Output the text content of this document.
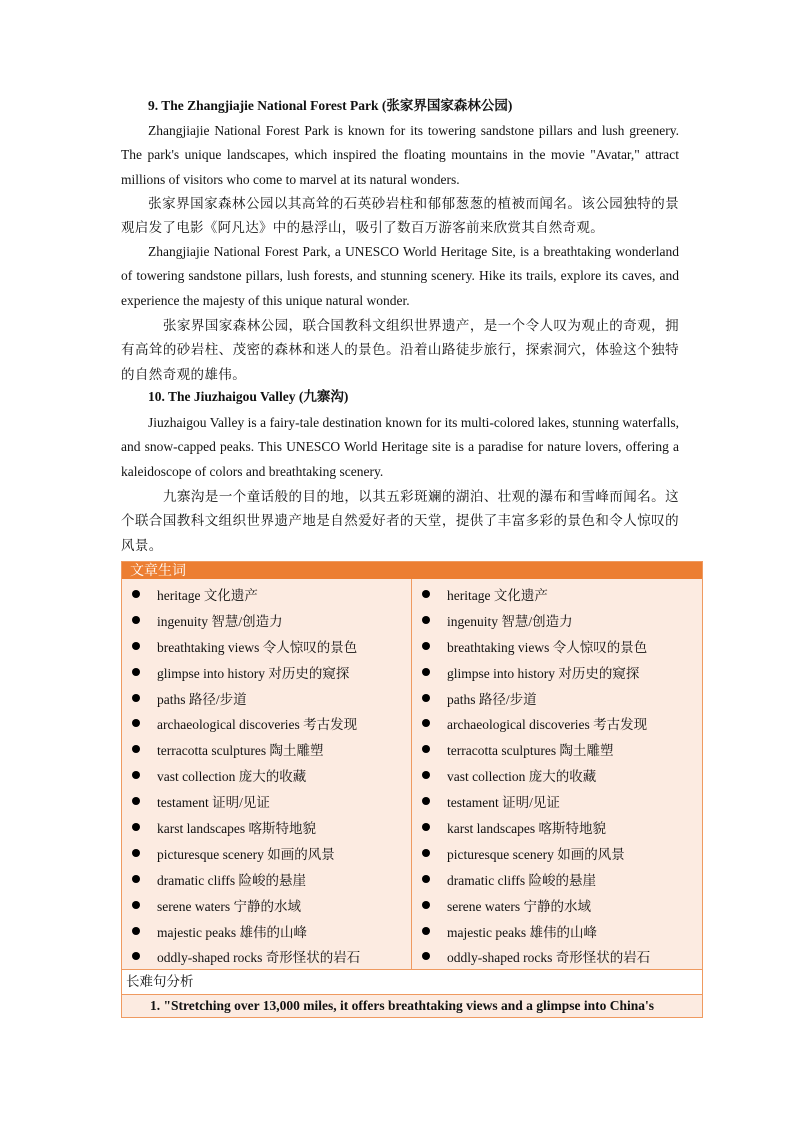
9. The Zhangjiajie National Forest Park (张家界国家森林公园)
Zhangjiajie National Forest Park is known for its towering sandstone pillars and lush greenery. The park's unique landscapes, which inspired the floating mountains in the movie "Avatar," attract millions of visitors who come to marvel at its natural wonders.
张家界国家森林公园以其高耸的石英砂岩柱和郁郁葱葱的植被而闻名。该公园独特的景观启发了电影《阿凡达》中的悬浮山，吸引了数百万游客前来欣赏其自然奇观。
Zhangjiajie National Forest Park, a UNESCO World Heritage Site, is a breathtaking wonderland of towering sandstone pillars, lush forests, and stunning scenery. Hike its trails, explore its caves, and experience the majesty of this unique natural wonder.
张家界国家森林公园，联合国教科文组织世界遗产，是一个令人叹为观止的奇观，拥有高耸的砂岩柱、茂密的森林和迷人的景色。沿着山路徒步旅行，探索洞穴，体验这个独特的自然奇观的雄伟。
10. The Jiuzhaigou Valley (九寨沟)
Jiuzhaigou Valley is a fairy-tale destination known for its multi-colored lakes, stunning waterfalls, and snow-capped peaks. This UNESCO World Heritage site is a paradise for nature lovers, offering a kaleidoscope of colors and breathtaking scenery.
九寨沟是一个童话般的目的地，以其五彩斑斓的湖泊、壮观的瀑布和雪峰而闻名。这个联合国教科文组织世界遗产地是自然爱好者的天堂，提供了丰富多彩的景色和令人惊叹的风景。
文章生词
heritage 文化遗产
ingenuity 智慧/创造力
breathtaking views 令人惊叹的景色
glimpse into history 对历史的窥探
paths 路径/步道
archaeological discoveries 考古发现
terracotta sculptures 陶土雕塑
vast collection 庞大的收藏
testament 证明/见证
karst landscapes 喀斯特地貌
picturesque scenery 如画的风景
dramatic cliffs 险峻的悬崖
serene waters 宁静的水域
majestic peaks 雄伟的山峰
oddly-shaped rocks 奇形怪状的岩石
heritage 文化遗产
ingenuity 智慧/创造力
breathtaking views 令人惊叹的景色
glimpse into history 对历史的窥探
paths 路径/步道
archaeological discoveries 考古发现
terracotta sculptures 陶土雕塑
vast collection 庞大的收藏
testament 证明/见证
karst landscapes 喀斯特地貌
picturesque scenery 如画的风景
dramatic cliffs 险峻的悬崖
serene waters 宁静的水域
majestic peaks 雄伟的山峰
oddly-shaped rocks 奇形怪状的岩石
长难句分析
1. "Stretching over 13,000 miles, it offers breathtaking views and a glimpse into China's
